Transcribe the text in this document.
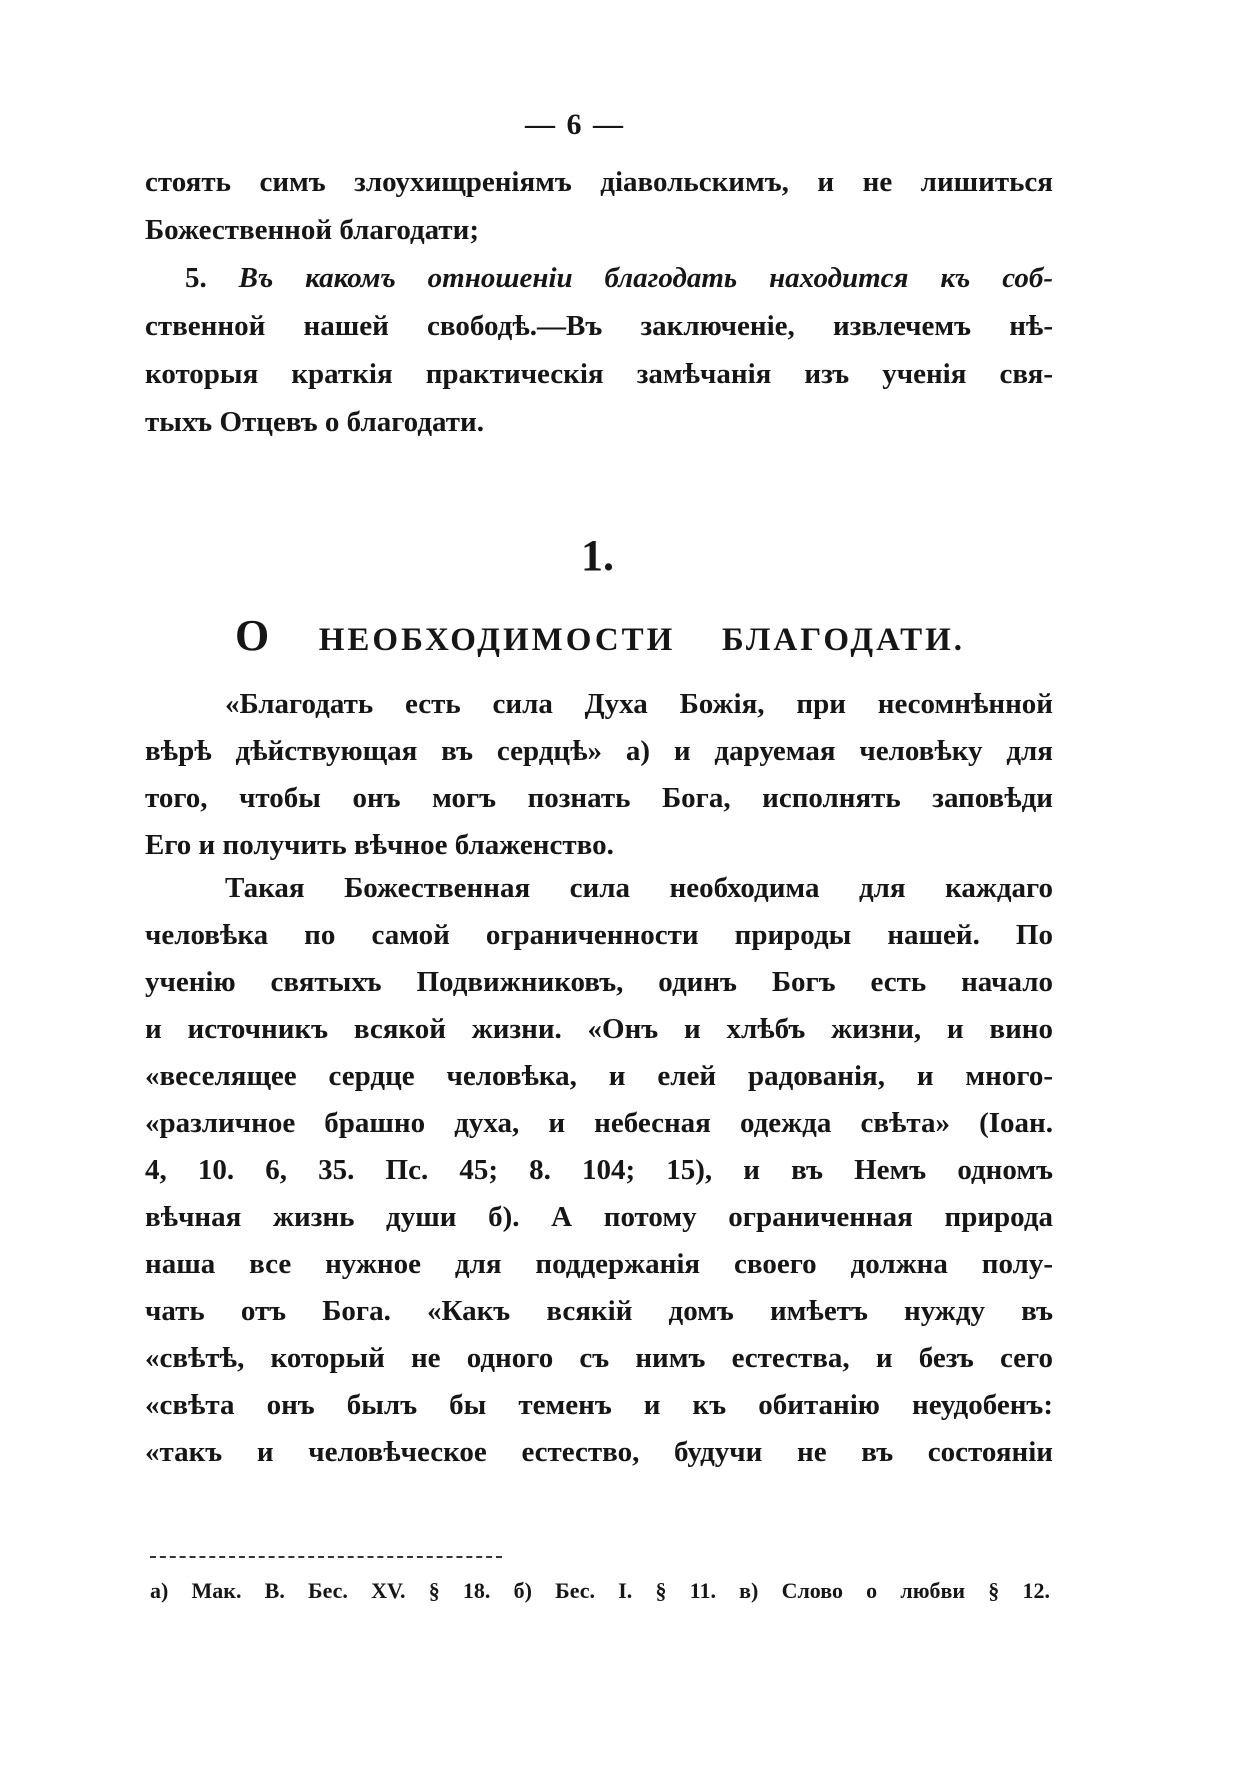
— 6 —
стоять симъ злоухищреніямъ діавольскимъ, и не лишиться
Божественной благодати;
5. Въ какомъ отношеніи благодать находится къ соб-
ственной нашей свободѣ.—Въ заключеніе, извлечемъ нѣ-
которыя краткія практическія замѣчанія изъ ученія свя-
тыхъ Отцевъ о благодати.
1.
О НЕОБХОДИМОСТИ БЛАГОДАТИ.
«Благодать есть сила Духа Божія, при несомнѣнной
вѣрѣ дѣйствующая въ сердцѣ» а) и даруемая человѣку для
того, чтобы онъ могъ познать Бога, исполнять заповѣди
Его и получить вѣчное блаженство.
Такая Божественная сила необходима для каждаго
человѣка по самой ограниченности природы нашей. По
ученію святыхъ Подвижниковъ, одинъ Богъ есть начало
и источникъ всякой жизни. «Онъ и хлѣбъ жизни, и вино
«веселящее сердце человѣка, и елей радованія, и много-
«различное брашно духа, и небесная одежда свѣта» (Іоан.
4, 10. 6, 35. Пс. 45; 8. 104; 15), и въ Немъ одномъ
вѣчная жизнь души б). А потому ограниченная природа
наша все нужное для поддержанія своего должна полу-
чать отъ Бога. «Какъ всякій домъ имѣетъ нужду въ
«свѣтѣ, который не одного съ нимъ естества, и безъ сего
«свѣта онъ былъ бы теменъ и къ обитанію неудобенъ:
«такъ и человѣческое естество, будучи не въ состояніи
а) Мак. В. Бес. XV. § 18. б) Бес. І. § 11. в) Слово о любви § 12.
